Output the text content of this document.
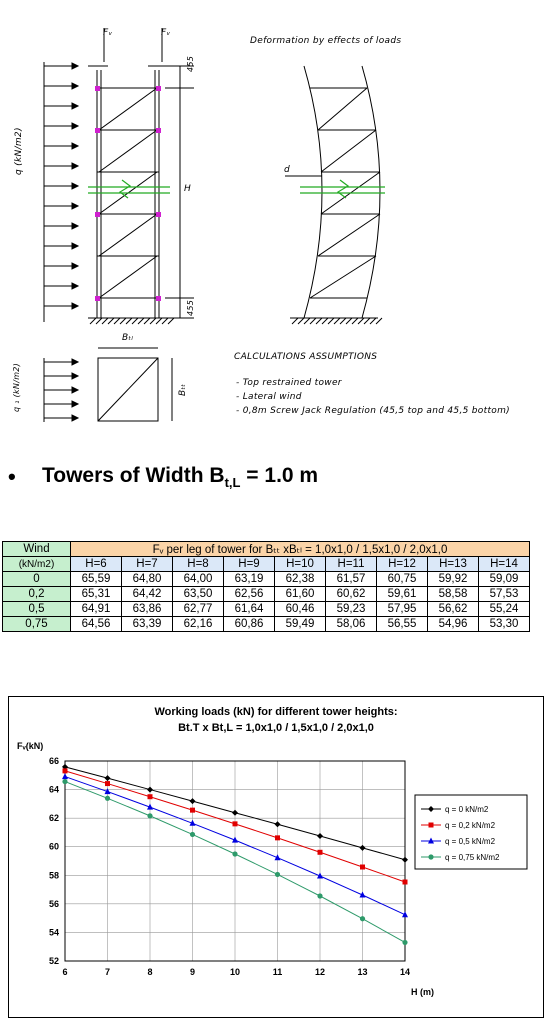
Fᵥ	Fᵥ
q (kN/m2)
455
455
H
Deformation by effects of loads
d
q ₁ (kN/m2)
Bₜₗ
Bₜₜ
CALCULATIONS ASSUMPTIONS
- Top restrained tower
- Lateral wind
- 0,8m Screw Jack Regulation (45,5 top and 45,5 bottom)
• Towers of Width $B_{t,L} = 1.0$ m
Wind	Fᵥ per leg of tower for Bₜₜ xBₜₗ = 1,0x1,0 / 1,5x1,0 / 2,0x1,0								
(kN/m2)	H=6	H=7	H=8	H=9	H=10	H=11	H=12	H=13	H=14
0	65,59	64,80	64,00	63,19	62,38	61,57	60,75	59,92	59,09
0,2	65,31	64,42	63,50	62,56	61,60	60,62	59,61	58,58	57,53
0,5	64,91	63,86	62,77	61,64	60,46	59,23	57,95	56,62	55,24
0,75	64,56	63,39	62,16	60,86	59,49	58,06	56,55	54,96	53,30
Working loads (kN) for different tower heights:
Bt.T x Bt,L = 1,0x1,0 / 1,5x1,0 / 2,0x1,0
Fᵥ(kN)
H (m)
6	7	8	9	10	11	12	13	14
52
54
56
58
60
62
64
66
q = 0 kN/m2
q = 0,2 kN/m2
q = 0,5 kN/m2
q = 0,75 kN/m2
